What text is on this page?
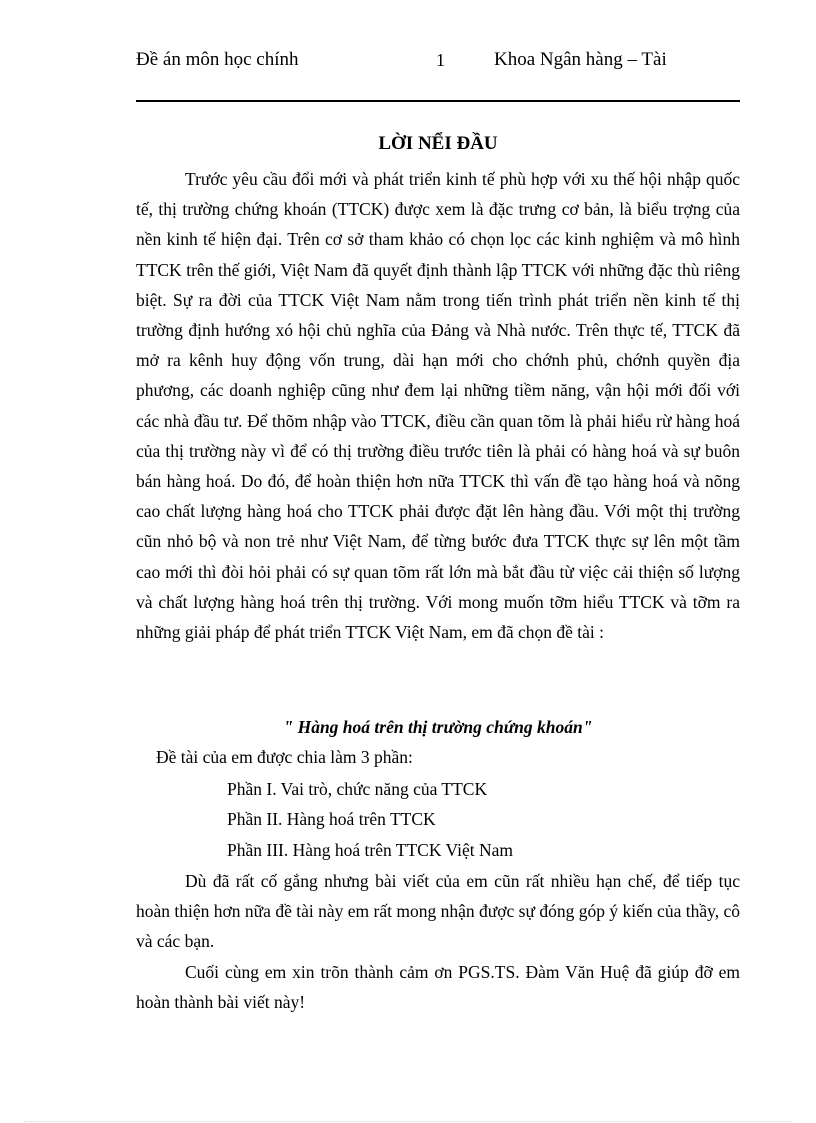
Đề án môn học chính	1	Khoa Ngân hàng – Tài
LỜI NỂI ĐẦU
Trước yêu cầu đổi mới và phát triển kinh tế phù hợp với xu thế hội nhập quốc tế, thị trường chứng khoán (TTCK) được xem là đặc trưng cơ bản, là biểu trợng của nền kinh tế hiện đại. Trên cơ sở tham khảo có chọn lọc các kinh nghiệm và mô hình TTCK trên thế giới, Việt Nam đã quyết định thành lập TTCK với những đặc thù riêng biệt. Sự ra đời của TTCK Việt Nam nằm trong tiến trình phát triển nền kinh tế thị trường định hướng xó hội chủ nghĩa của Đảng và Nhà nước. Trên thực tế, TTCK đã mở ra kênh huy động vốn trung, dài hạn mới cho chớnh phủ, chớnh quyền địa phương, các doanh nghiệp cũng như đem lại những tiềm năng, vận hội mới đối với các nhà đầu tư. Để thõm nhập vào TTCK, điều cần quan tõm là phải hiểu rừ hàng hoá của thị trường này vì để có thị trường điều trước tiên là phải có hàng hoá và sự buôn bán hàng hoá. Do đó, để hoàn thiện hơn nữa TTCK thì vấn đề tạo hàng hoá và nõng cao chất lượng hàng hoá cho TTCK phải được đặt lên hàng đầu. Với một thị trường cũn nhỏ bộ và non trẻ như Việt Nam, để từng bước đưa TTCK thực sự lên một tầm cao mới thì đòi hỏi phải có sự quan tõm rất lớn mà bắt đầu từ việc cải thiện số lượng và chất lượng hàng hoá trên thị trường. Với mong muốn tỡm hiểu TTCK và tỡm ra những giải pháp để phát triển TTCK Việt Nam, em đã chọn đề tài :
" Hàng hoá trên thị trường chứng khoán"
Đề tài của em được chia làm 3 phần:
Phần I. Vai trò, chức năng của TTCK
Phần II. Hàng hoá trên TTCK
Phần III. Hàng hoá trên TTCK Việt Nam
Dù đã rất cố gắng nhưng bài viết của em cũn rất nhiều hạn chế, để tiếp tục hoàn thiện hơn nữa đề tài này em rất mong nhận được sự đóng góp ý kiến của thầy, cô và các bạn.
Cuối cùng em xin trõn thành cảm ơn PGS.TS. Đàm Văn Huệ đã giúp đỡ em hoàn thành bài viết này!
